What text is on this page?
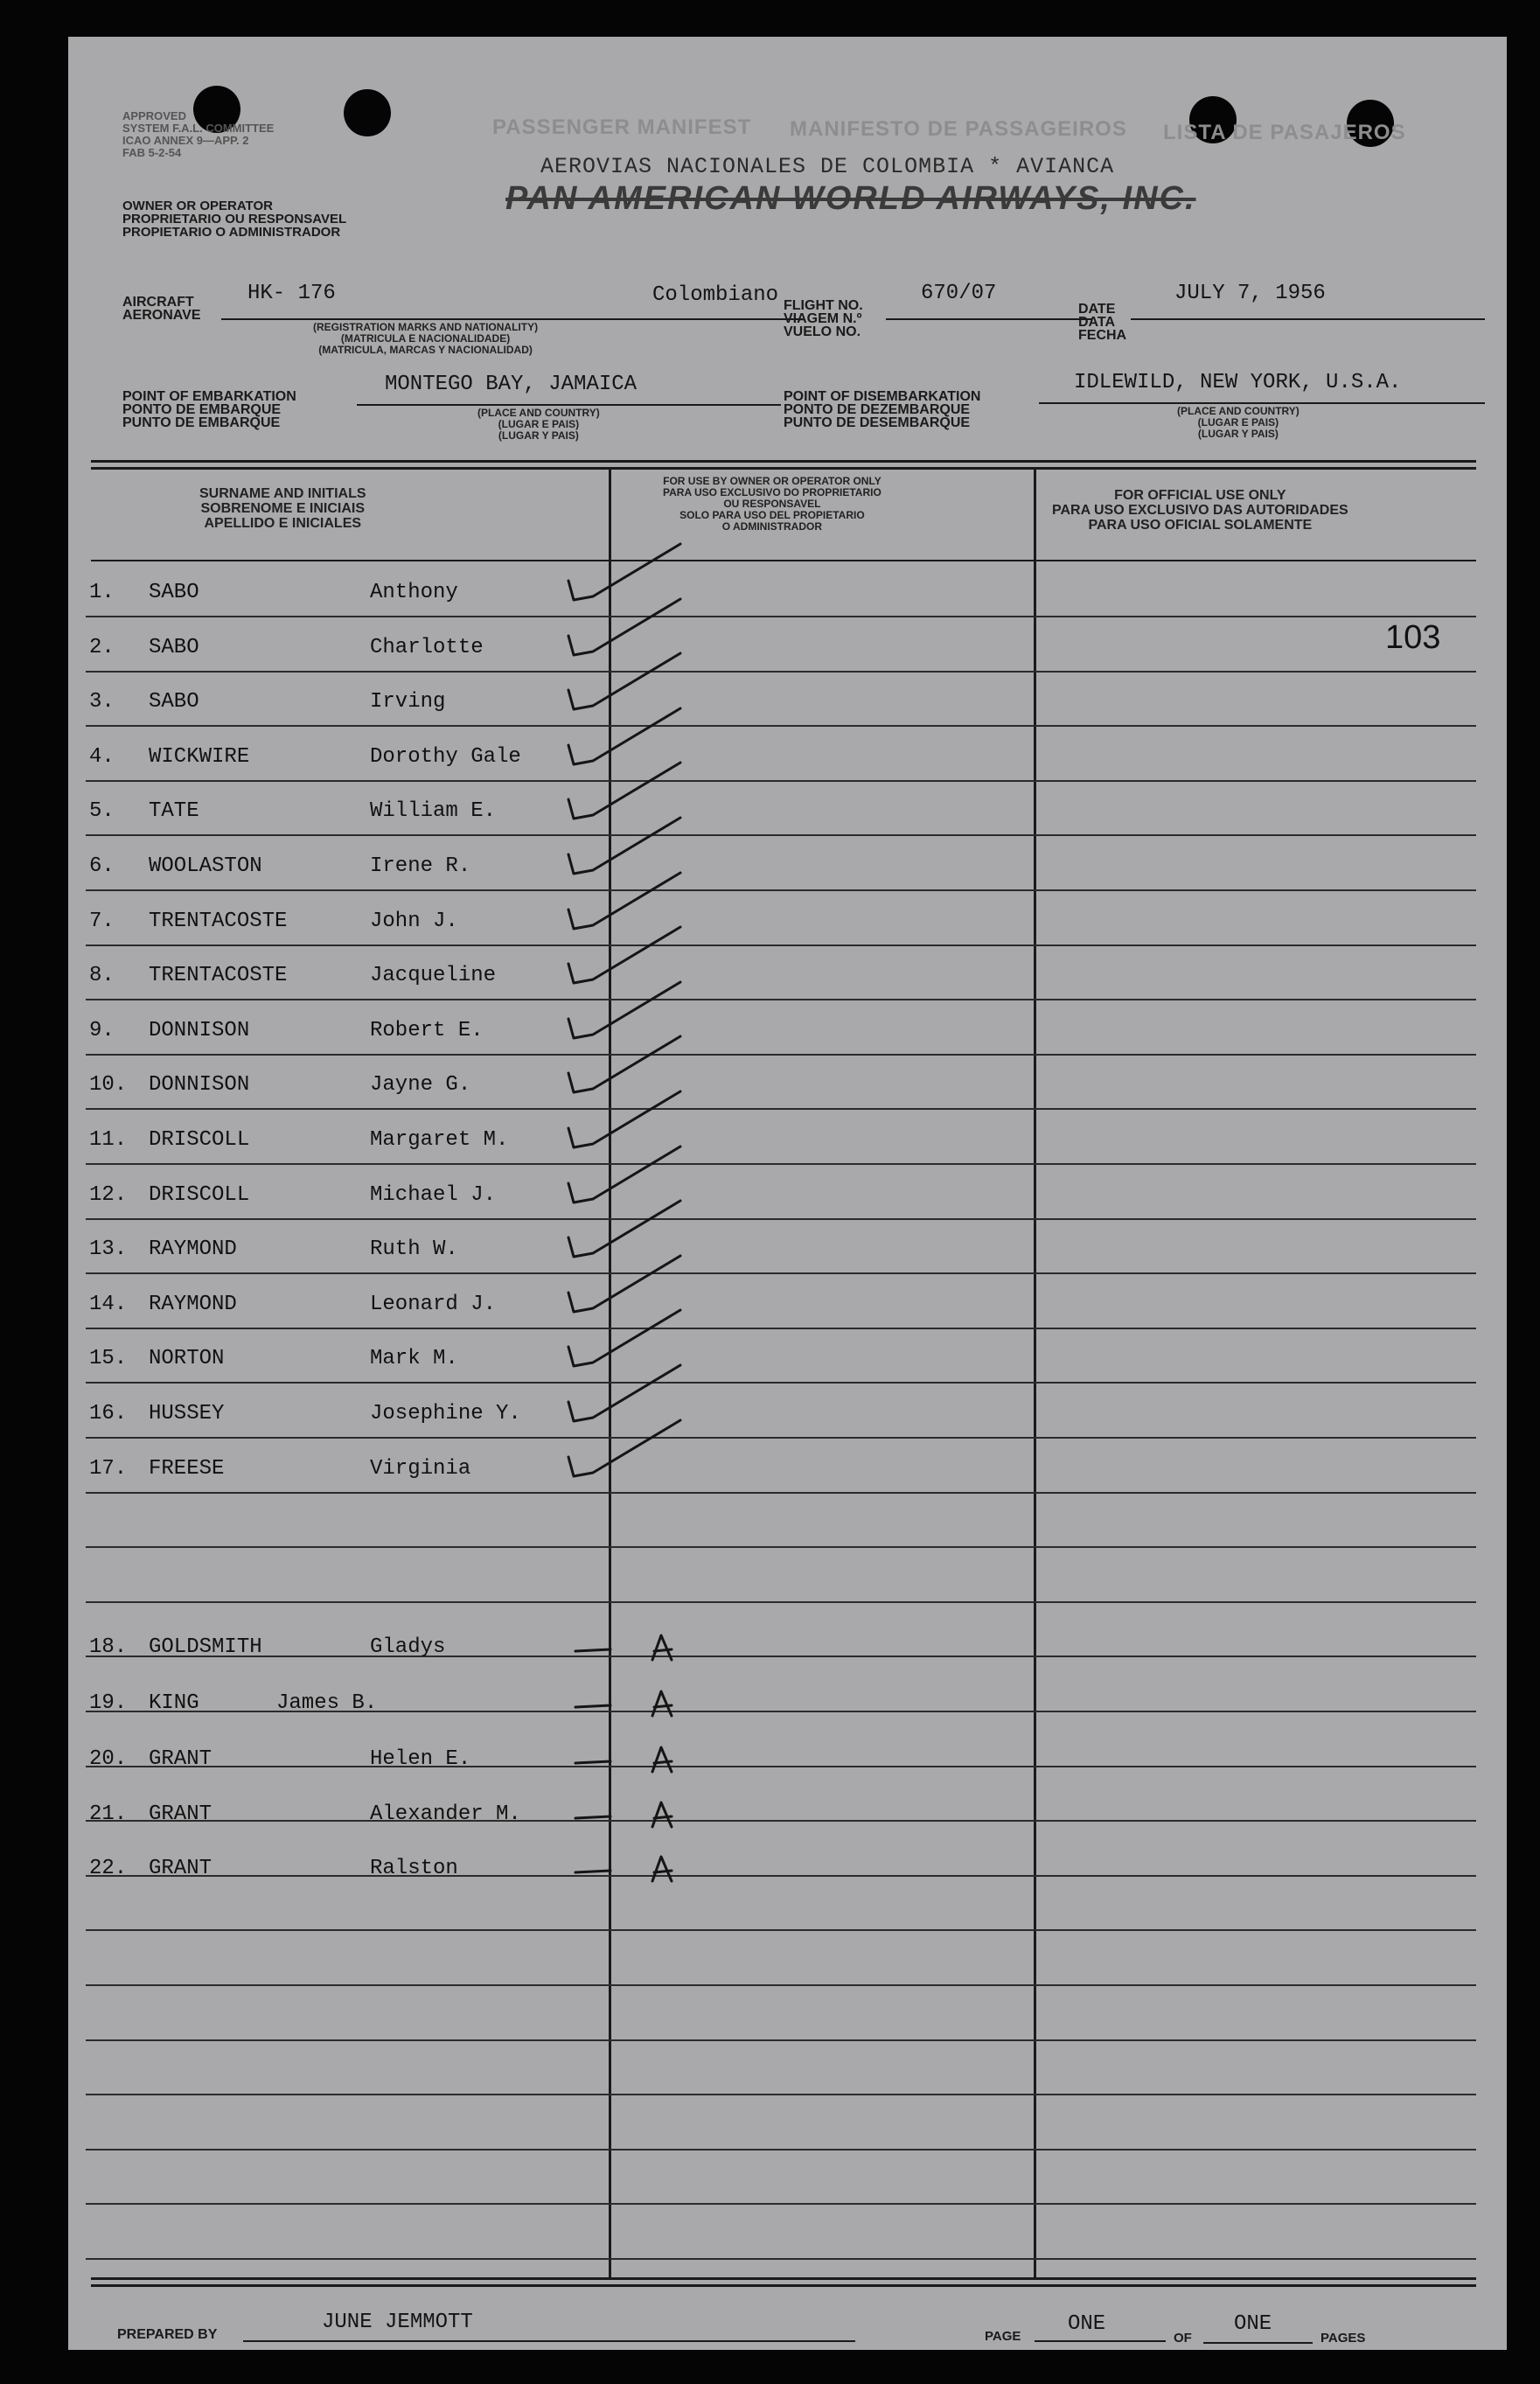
APPROVED
SYSTEM F.A.L. COMMITTEE
ICAO ANNEX 9—APP. 2
FAB 5-2-54
PASSENGER MANIFEST MANIFESTO DE PASSAGEIROS LISTA DE PASAJEROS
OWNER OR OPERATOR
PROPRIETARIO OU RESPONSAVEL
PROPIETARIO O ADMINISTRADOR
AEROVIAS NACIONALES DE COLOMBIA * AVIANCA
PAN AMERICAN WORLD AIRWAYS, INC.
AIRCRAFT
AERONAVE
HK- 176	Colombiano
(REGISTRATION MARKS AND NATIONALITY)
(MATRICULA E NACIONALIDADE)
(MATRICULA, MARCAS Y NACIONALIDAD)
FLIGHT NO.
VIAGEM N.º
VUELO NO.
670/07
DATE
DATA
FECHA
JULY 7, 1956
POINT OF EMBARKATION
PONTO DE EMBARQUE
PUNTO DE EMBARQUE
MONTEGO BAY, JAMAICA
(PLACE AND COUNTRY)
(LUGAR E PAIS)
(LUGAR Y PAIS)
POINT OF DISEMBARKATION
PONTO DE DEZEMBARQUE
PUNTO DE DESEMBARQUE
IDLEWILD, NEW YORK, U.S.A.
(PLACE AND COUNTRY)
(LUGAR E PAIS)
(LUGAR Y PAIS)
SURNAME AND INITIALS
SOBRENOME E INICIAIS
APELLIDO E INICIALES
FOR USE BY OWNER OR OPERATOR ONLY
PARA USO EXCLUSIVO DO PROPRIETARIO
OU RESPONSAVEL
SOLO PARA USO DEL PROPIETARIO
O ADMINISTRADOR
FOR OFFICIAL USE ONLY
PARA USO EXCLUSIVO DAS AUTORIDADES
PARA USO OFICIAL SOLAMENTE
103
1. SABO	Anthony
2. SABO	Charlotte
3. SABO	Irving
4. WICKWIRE	Dorothy Gale
5. TATE	William E.
6. WOOLASTON	Irene R.
7. TRENTACOSTE	John J.
8. TRENTACOSTE	Jacqueline
9. DONNISON	Robert E.
10. DONNISON	Jayne G.
11. DRISCOLL	Margaret M.
12. DRISCOLL	Michael J.
13. RAYMOND	Ruth W.
14. RAYMOND	Leonard J.
15. NORTON	Mark M.
16. HUSSEY	Josephine Y.
17. FREESE	Virginia
18. GOLDSMITH	Gladys
19. KING	James B.
20. GRANT	Helen E.
21. GRANT	Alexander M.
22. GRANT	Ralston
PREPARED BY
JUNE JEMMOTT
PAGE
ONE
OF
ONE
PAGES
